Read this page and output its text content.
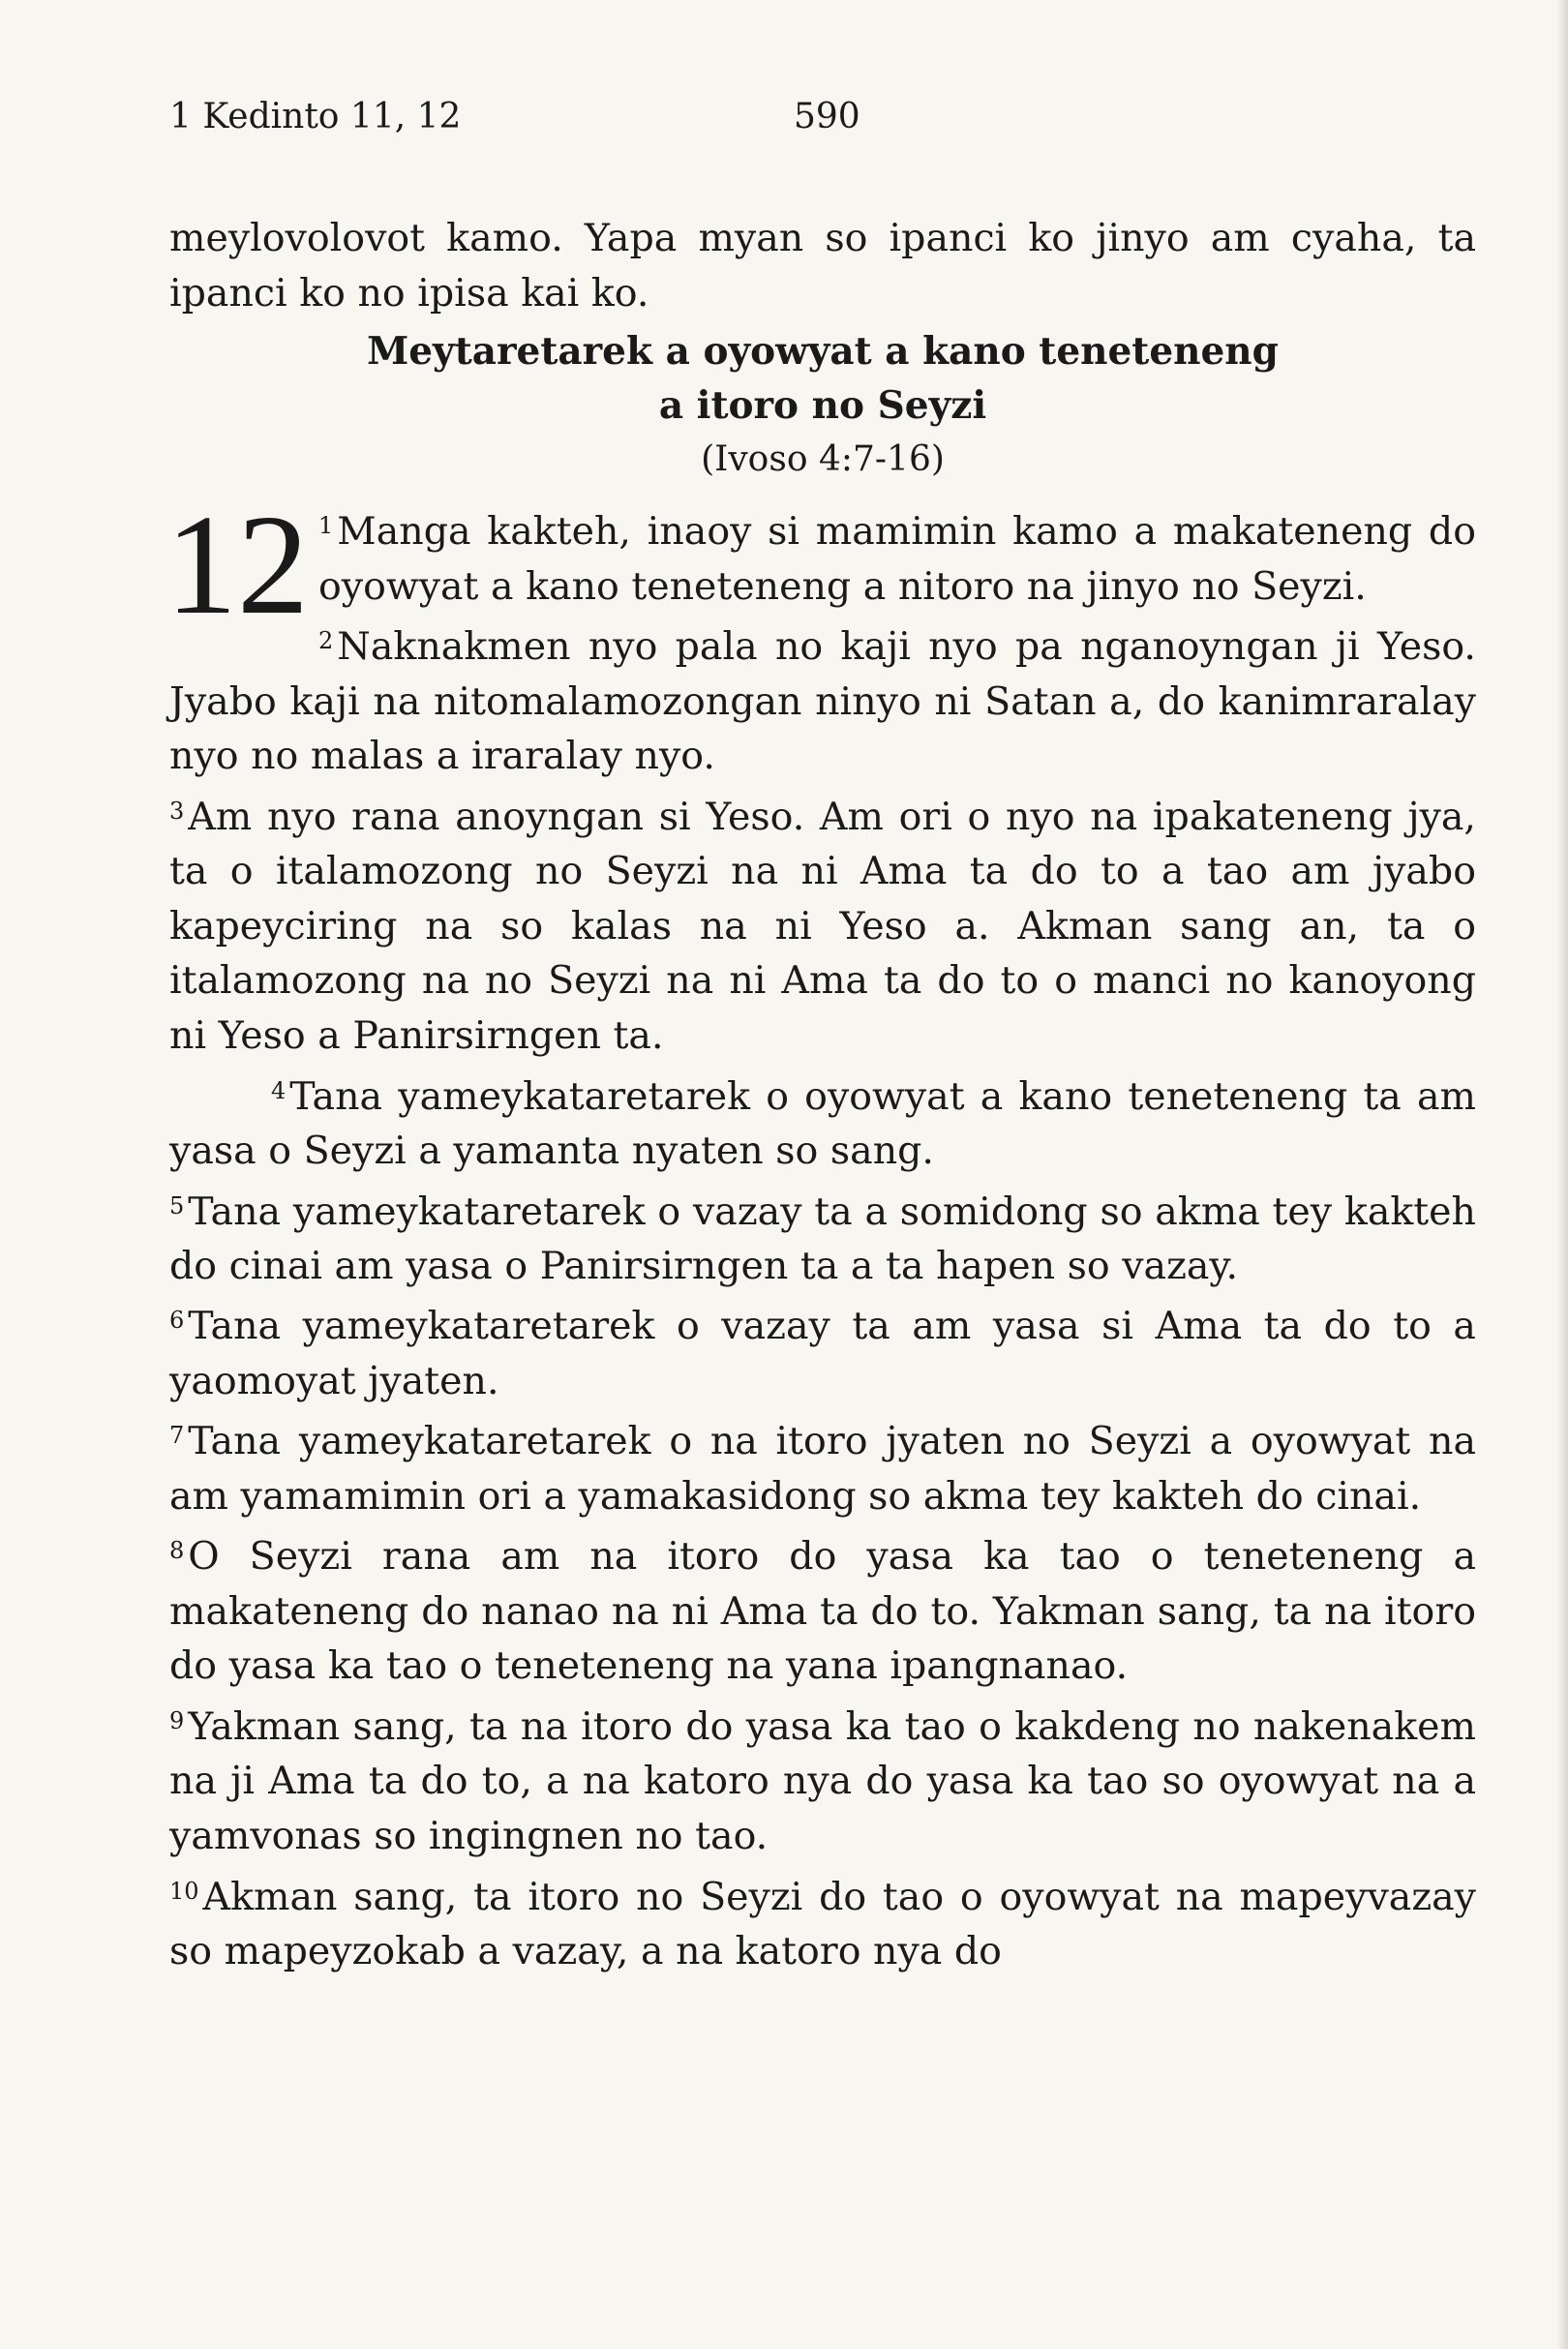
1 Kedinto 11, 12	590

meylovolovot kamo. Yapa myan so ipanci ko jinyo am cyaha, ta ipanci ko no ipisa kai ko.

Meytaretarek a oyowyat a kano teneteneng
a itoro no Seyzi
(Ivoso 4:7-16)

12 $^1$ Manga kakteh, inaoy si mamimin kamo a makateneng do oyowyat a kano teneteneng a nitoro na jinyo no Seyzi.

$^2$ Naknakmen nyo pala no kaji nyo pa nganoyngan ji Yeso. Jyabo kaji na nitomalamozongan ninyo ni Satan a, do kanimraralay nyo no malas a iraralay nyo.

$^3$ Am nyo rana anoyngan si Yeso. Am ori o nyo na ipakateneng jya, ta o italamozong no Seyzi na ni Ama ta do to a tao am jyabo kapeyciring na so kalas na ni Yeso a. Akman sang an, ta o italamozong na no Seyzi na ni Ama ta do to o manci no kanoyong ni Yeso a Panirsirngen ta.

$^4$ Tana yameykataretarek o oyowyat a kano teneteneng ta am yasa o Seyzi a yamanta nyaten so sang.

$^5$ Tana yameykataretarek o vazay ta a somidong so akma tey kakteh do cinai am yasa o Panirsirngen ta a ta hapen so vazay.

$^6$ Tana yameykataretarek o vazay ta am yasa si Ama ta do to a yaomoyat jyaten.

$^7$ Tana yameykataretarek o na itoro jyaten no Seyzi a oyowyat na am yamamimin ori a yamakasidong so akma tey kakteh do cinai.

$^8$ O Seyzi rana am na itoro do yasa ka tao o teneteneng a makateneng do nanao na ni Ama ta do to. Yakman sang, ta na itoro do yasa ka tao o teneteneng na yana ipangnanao.

$^9$ Yakman sang, ta na itoro do yasa ka tao o kakdeng no nakenakem na ji Ama ta do to, a na katoro nya do yasa ka tao so oyowyat na a yamvonas so ingingnen no tao.

$^{10}$ Akman sang, ta itoro no Seyzi do tao o oyowyat na mapeyvazay so mapeyzokab a vazay, a na katoro nya do
